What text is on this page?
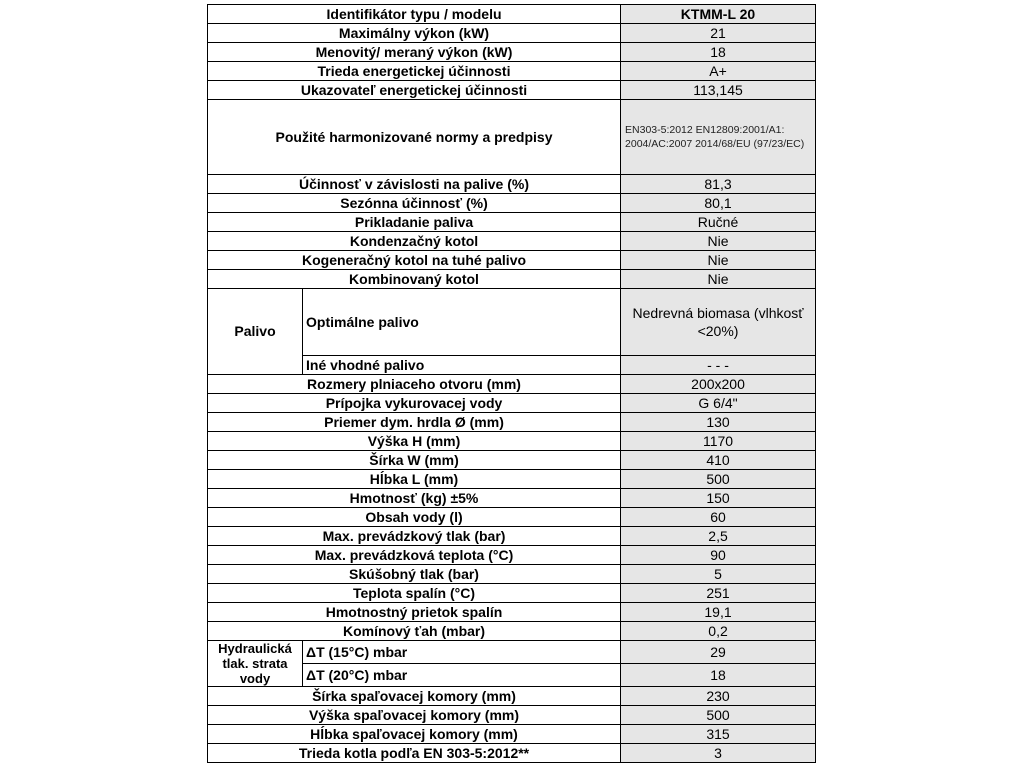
Identifikátor typu / modelu		KTMM-L 20
Maximálny výkon (kW)		21
Menovitý/ meraný výkon (kW)		18
Trieda energetickej účinnosti		A+
Ukazovateľ energetickej účinnosti		113,145
Použité harmonizované normy a predpisy		EN303-5:2012 EN12809:2001/A1: 2004/AC:2007 2014/68/EU (97/23/EC)
Účinnosť v závislosti na palive (%)		81,3
Sezónna účinnosť (%)		80,1
Prikladanie paliva		Ručné
Kondenzačný kotol		Nie
Kogeneračný kotol na tuhé palivo		Nie
Kombinovaný kotol		Nie
Palivo	Optimálne palivo	Nedrevná biomasa (vlhkosť <20%)
	Iné vhodné palivo	- - -
Rozmery plniaceho otvoru (mm)		200x200
Prípojka vykurovacej vody		G 6/4"
Priemer dym. hrdla Ø (mm)		130
Výška H (mm)		1170
Šírka W (mm)		410
Hĺbka L (mm)		500
Hmotnosť (kg) ±5%		150
Obsah vody (l)		60
Max. prevádzkový tlak (bar)		2,5
Max. prevádzková teplota (°C)		90
Skúšobný tlak (bar)		5
Teplota spalín (°C)		251
Hmotnostný prietok spalín		19,1
Komínový ťah (mbar)		0,2
Hydraulická tlak. strata vody	ΔT (15°C) mbar	29
	ΔT (20°C) mbar	18
Šírka spaľovacej komory (mm)		230
Výška spaľovacej komory (mm)		500
Hĺbka spaľovacej komory (mm)		315
Trieda kotla podľa EN 303-5:2012**		3
